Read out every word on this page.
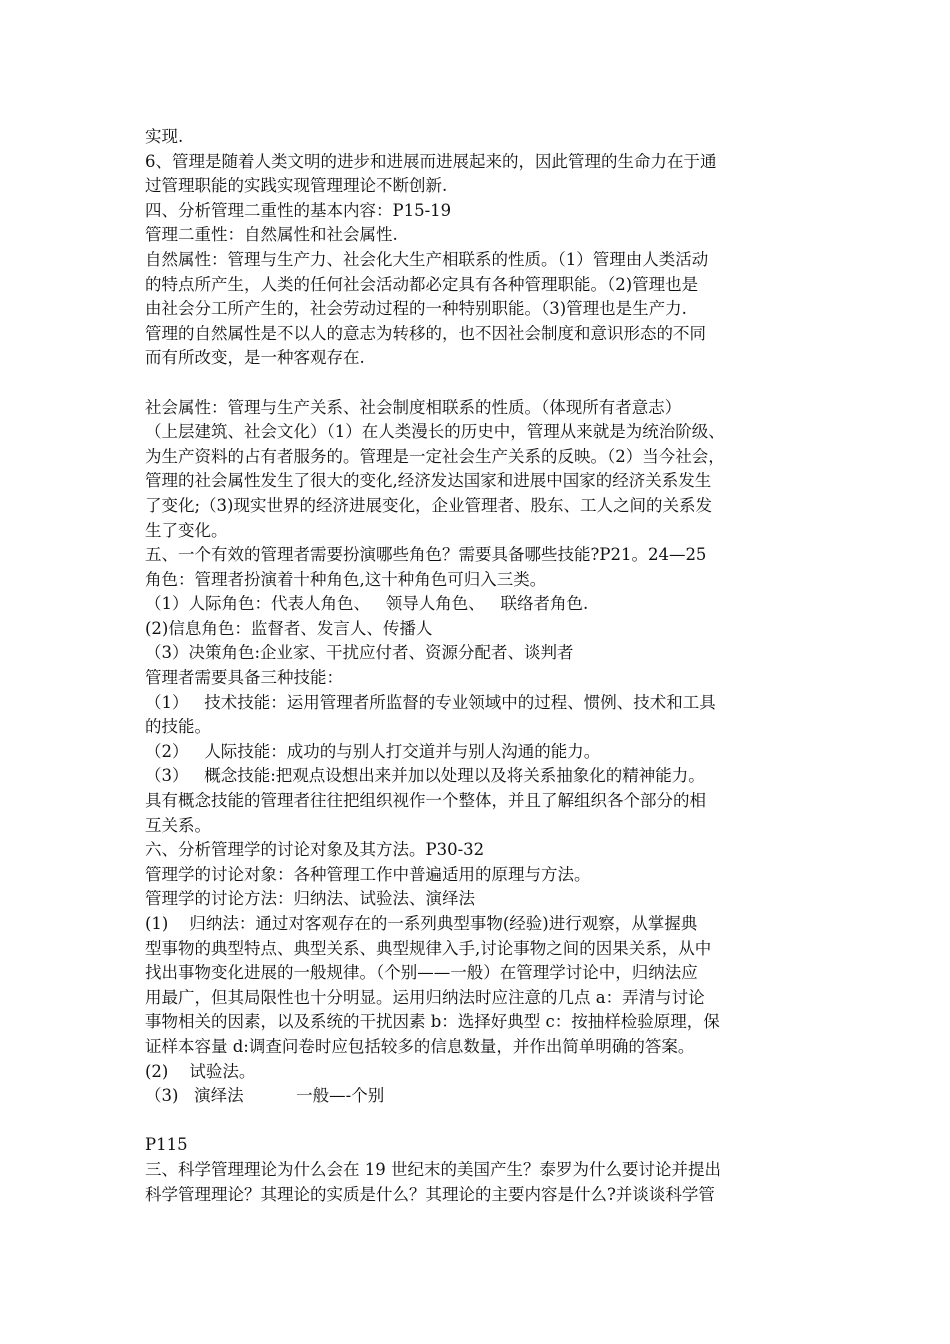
实现.
6、管理是随着人类文明的进步和进展而进展起来的，因此管理的生命力在于通
过管理职能的实践实现管理理论不断创新.
四、分析管理二重性的基本内容：P15-19
管理二重性：自然属性和社会属性.
自然属性：管理与生产力、社会化大生产相联系的性质。（1）管理由人类活动
的特点所产生，人类的任何社会活动都必定具有各种管理职能。（2)管理也是
由社会分工所产生的，社会劳动过程的一种特别职能。（3)管理也是生产力.
管理的自然属性是不以人的意志为转移的，也不因社会制度和意识形态的不同
而有所改变，是一种客观存在.
社会属性：管理与生产关系、社会制度相联系的性质。（体现所有者意志）
（上层建筑、社会文化）（1）在人类漫长的历史中，管理从来就是为统治阶级、
为生产资料的占有者服务的。管理是一定社会生产关系的反映。（2）当今社会，
管理的社会属性发生了很大的变化,经济发达国家和进展中国家的经济关系发生
了变化;（3)现实世界的经济进展变化，企业管理者、股东、工人之间的关系发
生了变化。
五、一个有效的管理者需要扮演哪些角色？需要具备哪些技能?P21。24—25
角色：管理者扮演着十种角色,这十种角色可归入三类。
（1）人际角色：代表人角色、   领导人角色、   联络者角色.
(2)信息角色：监督者、发言人、传播人
（3）决策角色:企业家、干扰应付者、资源分配者、谈判者
管理者需要具备三种技能：
（1）   技术技能：运用管理者所监督的专业领域中的过程、惯例、技术和工具
的技能。
（2）   人际技能：成功的与别人打交道并与别人沟通的能力。
（3）   概念技能:把观点设想出来并加以处理以及将关系抽象化的精神能力。
具有概念技能的管理者往往把组织视作一个整体，并且了解组织各个部分的相
互关系。
六、分析管理学的讨论对象及其方法。P30-32
管理学的讨论对象：各种管理工作中普遍适用的原理与方法。
管理学的讨论方法：归纳法、试验法、演绎法
(1)    归纳法：通过对客观存在的一系列典型事物(经验)进行观察，从掌握典
型事物的典型特点、典型关系、典型规律入手,讨论事物之间的因果关系，从中
找出事物变化进展的一般规律。（个别——一般）在管理学讨论中，归纳法应
用最广，但其局限性也十分明显。运用归纳法时应注意的几点 a：弄清与讨论
事物相关的因素，以及系统的干扰因素 b：选择好典型 c：按抽样检验原理，保
证样本容量 d:调查问卷时应包括较多的信息数量，并作出简单明确的答案。
(2)    试验法。
（3)   演绎法          一般—-个别
P115
三、科学管理理论为什么会在 19 世纪末的美国产生？泰罗为什么要讨论并提出
科学管理理论？其理论的实质是什么？其理论的主要内容是什么?并谈谈科学管
